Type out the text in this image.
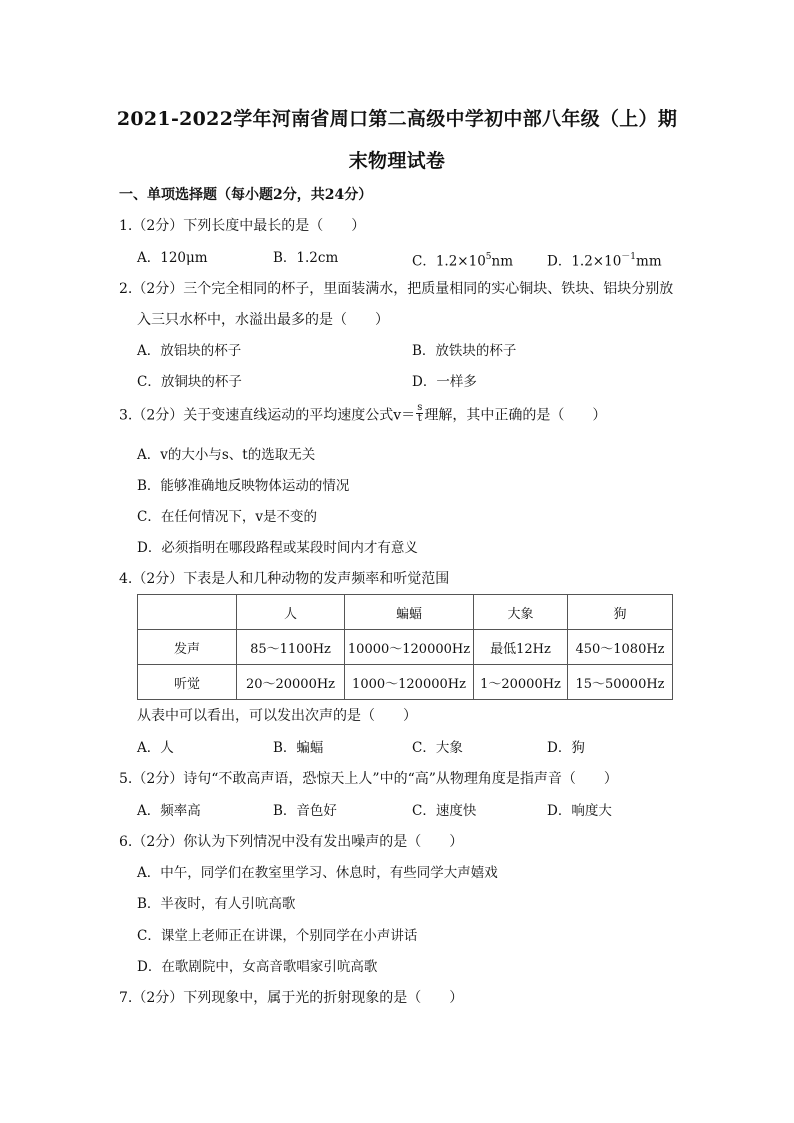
2021-2022学年河南省周口第二高级中学初中部八年级（上）期
末物理试卷
一、单项选择题（每小题2分，共24分）
1.（2分）下列长度中最长的是（　　）
A．120μm	B．1.2cm	C．$1.2\times 10^5nm$	D．$1.2\times 10^{-1}mm$
2.（2分）三个完全相同的杯子，里面装满水，把质量相同的实心铜块、铁块、铝块分别放
入三只水杯中，水溢出最多的是（　　）
A．放铝块的杯子	B．放铁块的杯子
C．放铜块的杯子	D．一样多
3.（2分）关于变速直线运动的平均速度公式$v= \frac{s}{t}$ 理解，其中正确的是（　　）
A．v的大小与s、t的选取无关
B．能够准确地反映物体运动的情况
C．在任何情况下，v是不变的
D．必须指明在哪段路程或某段时间内才有意义
4.（2分）下表是人和几种动物的发声频率和听觉范围
	人	蝙蝠	大象	狗
发声	85～1100Hz	10000～120000Hz	最低12Hz	450～1080Hz
听觉	20～20000Hz	1000～120000Hz	1～20000Hz	15～50000Hz
从表中可以看出，可以发出次声的是（　　）
A．人	B．蝙蝠	C．大象	D．狗
5.（2分）诗句“不敢高声语，恐惊天上人”中的“高”从物理角度是指声音（　　）
A．频率高	B．音色好	C．速度快	D．响度大
6.（2分）你认为下列情况中没有发出噪声的是（　　）
A．中午，同学们在教室里学习、休息时，有些同学大声嬉戏
B．半夜时，有人引吭高歌
C．课堂上老师正在讲课，个别同学在小声讲话
D．在歌剧院中，女高音歌唱家引吭高歌
7.（2分）下列现象中，属于光的折射现象的是（　　）
